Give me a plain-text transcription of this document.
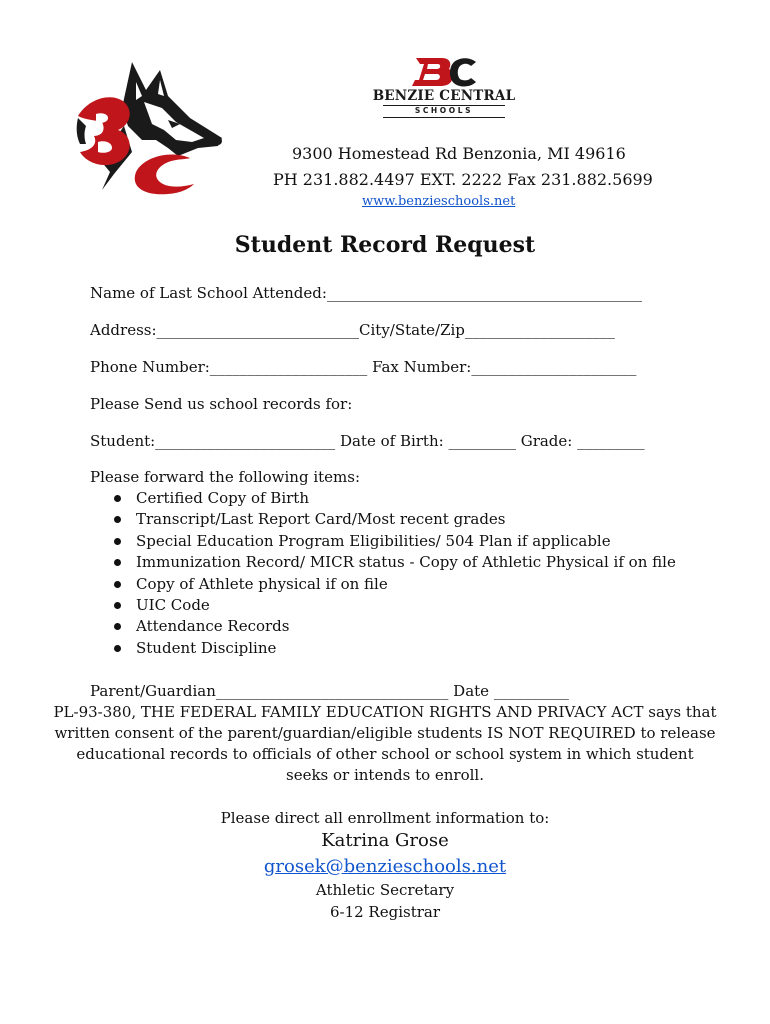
BENZIE CENTRAL
SCHOOLS
9300 Homestead Rd Benzonia, MI 49616
PH 231.882.4497 EXT. 2222 Fax 231.882.5699
www.benzieschools.net
Student Record Request
Name of Last School Attended:__________________________________________
Address:___________________________City/State/Zip____________________
Phone Number:_____________________ Fax Number:______________________
Please Send us school records for:
Student:________________________ Date of Birth: _________ Grade: _________
Please forward the following items:
Certified Copy of Birth
Transcript/Last Report Card/Most recent grades
Special Education Program Eligibilities/ 504 Plan if applicable
Immunization Record/ MICR status - Copy of Athletic Physical if on file
Copy of Athlete physical if on file
UIC Code
Attendance Records
Student Discipline
Parent/Guardian_______________________________ Date __________
PL-93-380, THE FEDERAL FAMILY EDUCATION RIGHTS AND PRIVACY ACT says that
written consent of the parent/guardian/eligible students IS NOT REQUIRED to release
educational records to officials of other school or school system in which student
seeks or intends to enroll.
Please direct all enrollment information to:
Katrina Grose
grosek@benzieschools.net
Athletic Secretary
6-12 Registrar
